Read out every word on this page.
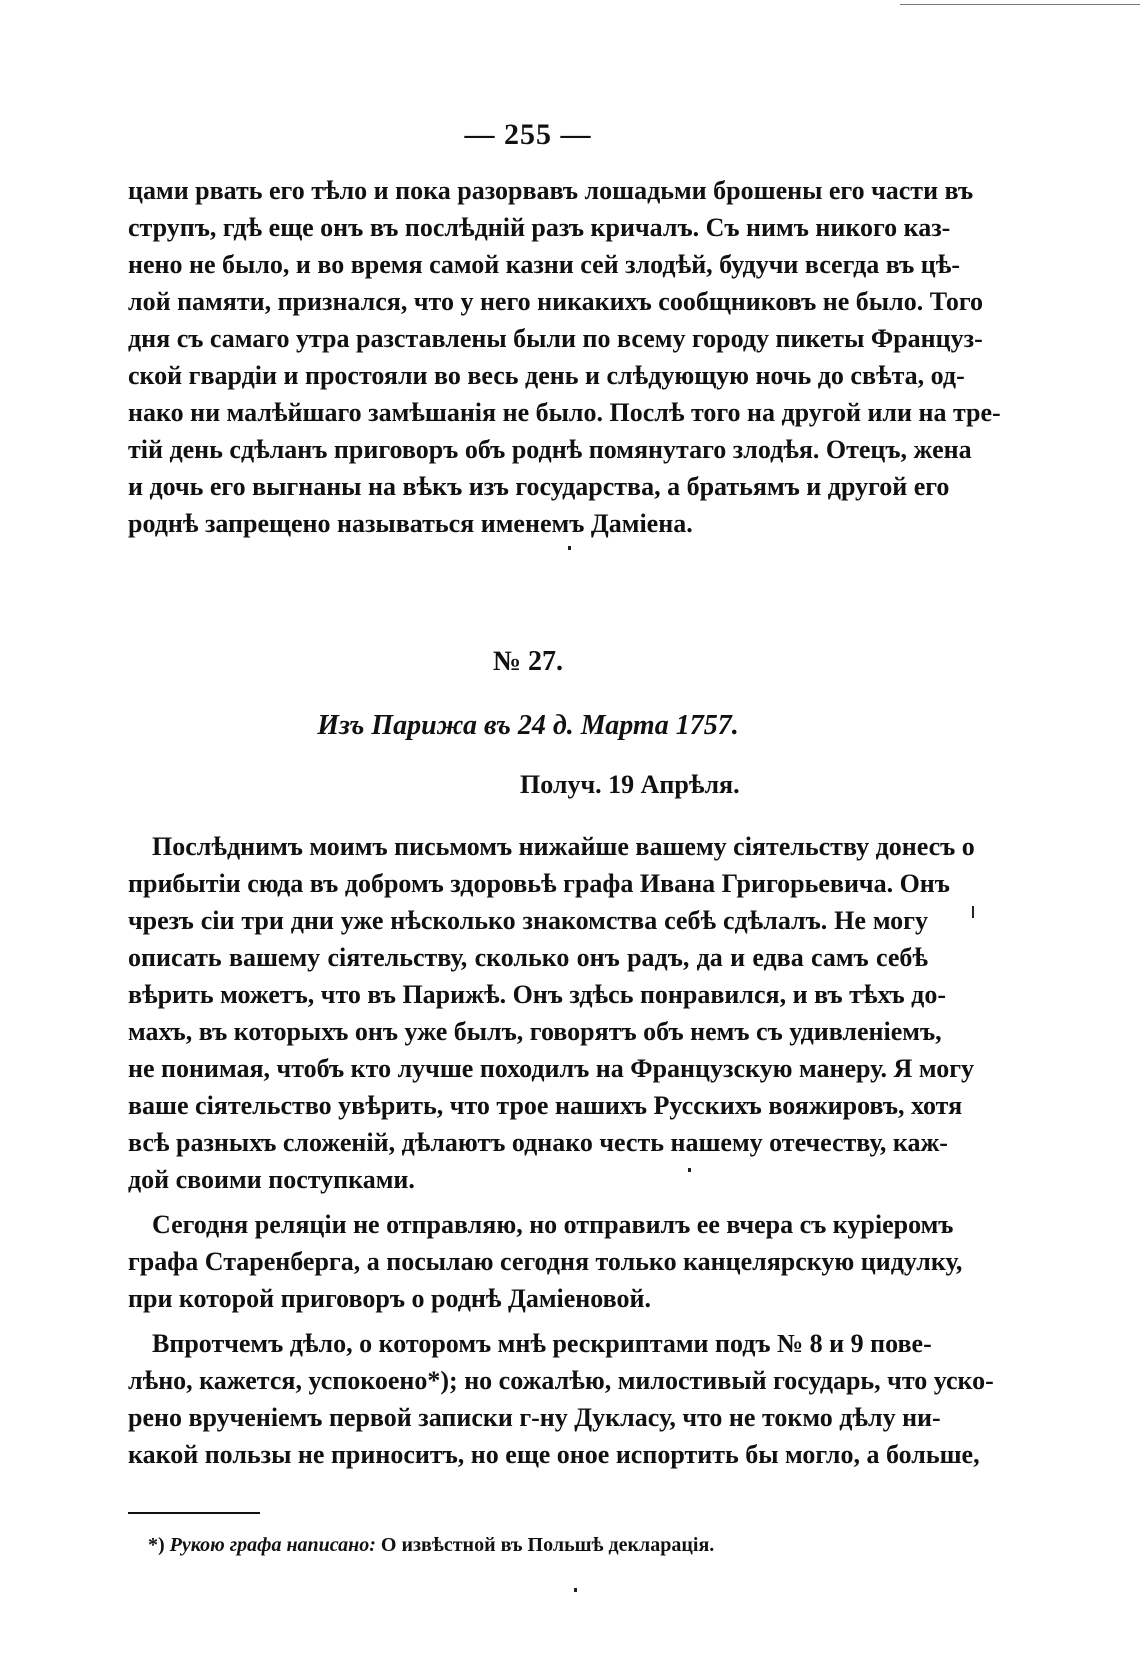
— 255 —
цами рвать его тѣло и пока разорвавъ лошадьми брошены его части въ
струпъ, гдѣ еще онъ въ послѣдній разъ кричалъ. Съ нимъ никого каз-
нено не было, и во время самой казни сей злодѣй, будучи всегда въ цѣ-
лой памяти, признался, что у него никакихъ сообщниковъ не было. Того
дня съ самаго утра разставлены были по всему городу пикеты Француз-
ской гвардіи и простояли во весь день и слѣдующую ночь до свѣта, од-
нако ни малѣйшаго замѣшанія не было. Послѣ того на другой или на тре-
тій день сдѣланъ приговоръ объ роднѣ помянутаго злодѣя. Отецъ, жена
и дочь его выгнаны на вѣкъ изъ государства, а братьямъ и другой его
роднѣ запрещено называться именемъ Даміена.
№ 27.
Изъ Парижа въ 24 д. Марта 1757.
Получ. 19 Апрѣля.
Послѣднимъ моимъ письмомъ нижайше вашему сіятельству донесъ о
прибытіи сюда въ добромъ здоровьѣ графа Ивана Григорьевича. Онъ
чрезъ сіи три дни уже нѣсколько знакомства себѣ сдѣлалъ. Не могу
описать вашему сіятельству, сколько онъ радъ, да и едва самъ себѣ
вѣрить можетъ, что въ Парижѣ. Онъ здѣсь понравился, и въ тѣхъ до-
махъ, въ которыхъ онъ уже былъ, говорятъ объ немъ съ удивленіемъ,
не понимая, чтобъ кто лучше походилъ на Французскую манеру. Я могу
ваше сіятельство увѣрить, что трое нашихъ Русскихъ вояжировъ, хотя
всѣ разныхъ сложеній, дѣлаютъ однако честь нашему отечеству, каж-
дой своими поступками.
Сегодня реляціи не отправляю, но отправилъ ее вчера съ куріеромъ
графа Старенберга, а посылаю сегодня только канцелярскую цидулку,
при которой приговоръ о роднѣ Даміеновой.
Впротчемъ дѣло, о которомъ мнѣ рескриптами подъ № 8 и 9 пове-
лѣно, кажется, успокоено*); но сожалѣю, милостивый государь, что уско-
рено врученіемъ первой записки г-ну Дукласу, что не токмо дѣлу ни-
какой пользы не приноситъ, но еще оное испортить бы могло, а больше,
*) Рукою графа написано: О извѣстной въ Польшѣ декларація.
